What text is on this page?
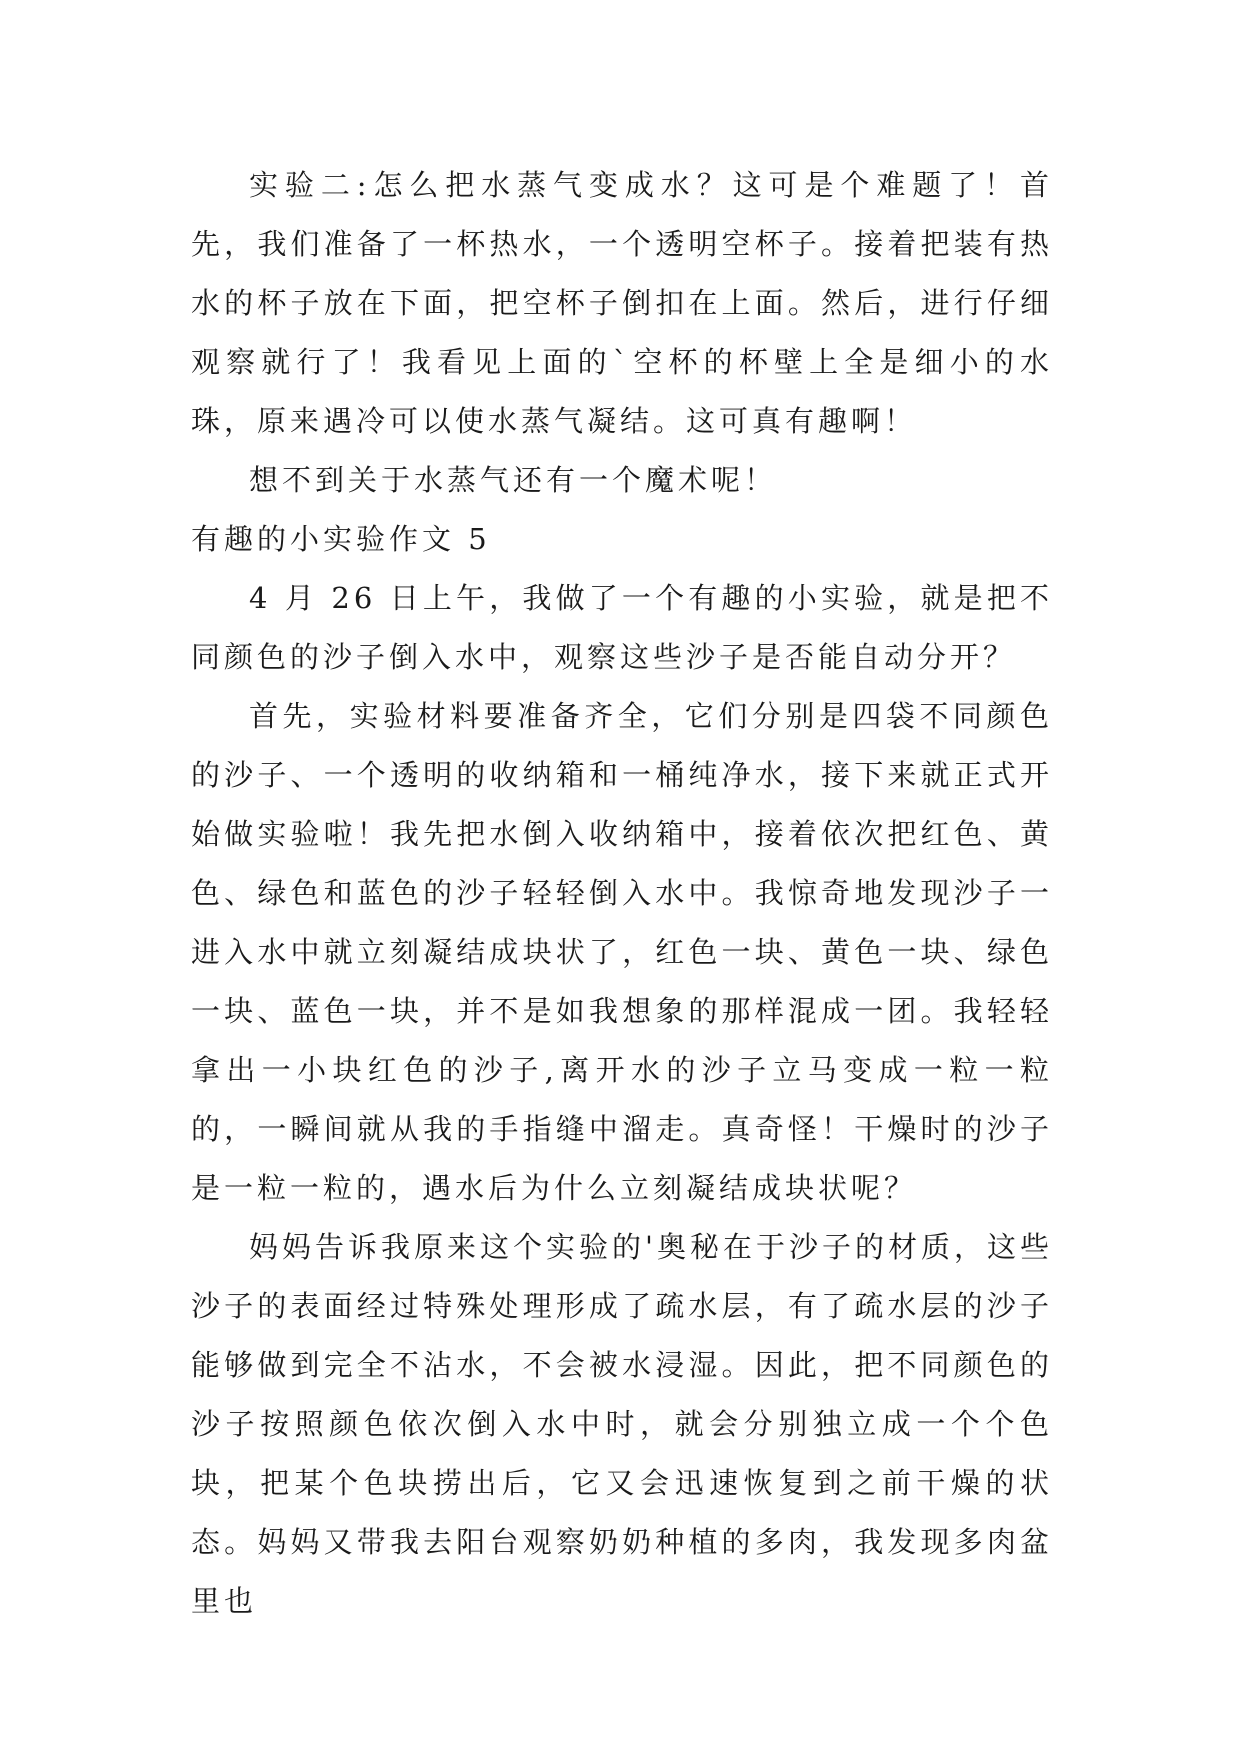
实验二:怎么把水蒸气变成水？这可是个难题了！首先，我们准备了一杯热水，一个透明空杯子。接着把装有热水的杯子放在下面，把空杯子倒扣在上面。然后，进行仔细观察就行了！我看见上面的`空杯的杯壁上全是细小的水珠，原来遇冷可以使水蒸气凝结。这可真有趣啊！

想不到关于水蒸气还有一个魔术呢！

有趣的小实验作文 5

4 月 26 日上午，我做了一个有趣的小实验，就是把不同颜色的沙子倒入水中，观察这些沙子是否能自动分开？

首先，实验材料要准备齐全，它们分别是四袋不同颜色的沙子、一个透明的收纳箱和一桶纯净水，接下来就正式开始做实验啦！我先把水倒入收纳箱中，接着依次把红色、黄色、绿色和蓝色的沙子轻轻倒入水中。我惊奇地发现沙子一进入水中就立刻凝结成块状了，红色一块、黄色一块、绿色一块、蓝色一块，并不是如我想象的那样混成一团。我轻轻拿出一小块红色的沙子,离开水的沙子立马变成一粒一粒的，一瞬间就从我的手指缝中溜走。真奇怪！干燥时的沙子是一粒一粒的，遇水后为什么立刻凝结成块状呢？

妈妈告诉我原来这个实验的'奥秘在于沙子的材质，这些沙子的表面经过特殊处理形成了疏水层，有了疏水层的沙子能够做到完全不沾水，不会被水浸湿。因此，把不同颜色的沙子按照颜色依次倒入水中时，就会分别独立成一个个色块，把某个色块捞出后，它又会迅速恢复到之前干燥的状态。妈妈又带我去阳台观察奶奶种植的多肉，我发现多肉盆里也
